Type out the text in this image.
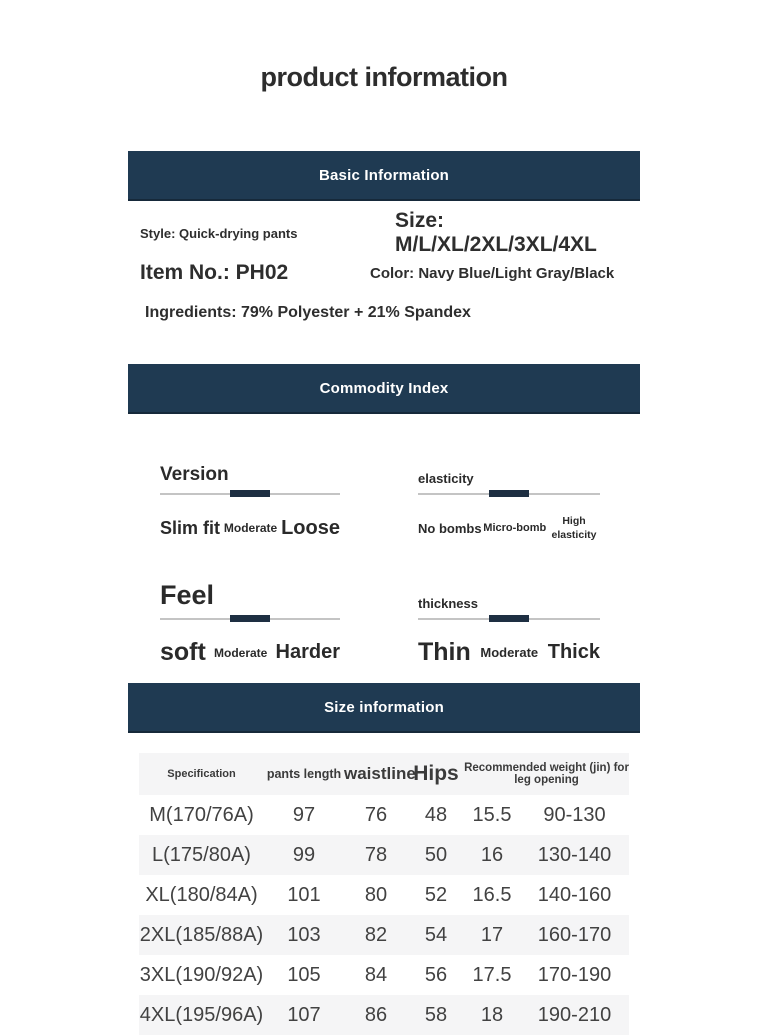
product information
Basic Information
Style: Quick-drying pants
Size: M/L/XL/2XL/3XL/4XL
Item No.: PH02	Color: Navy Blue/Light Gray/Black
Ingredients: 79% Polyester + 21% Spandex
Commodity Index
Version
Slim fit Moderate Loose
elasticity
No bombs Micro-bomb
High elasticity
Feel
soft Moderate Harder
thickness
Thin Moderate Thick
Size information
Specification	pants length	waistline	Hips	Recommended weight (jin) for leg opening	
M(170/76A)	97	76	48	15.5	90-130
L(175/80A)	99	78	50	16	130-140
XL(180/84A)	101	80	52	16.5	140-160
2XL(185/88A)	103	82	54	17	160-170
3XL(190/92A)	105	84	56	17.5	170-190
4XL(195/96A)	107	86	58	18	190-210
